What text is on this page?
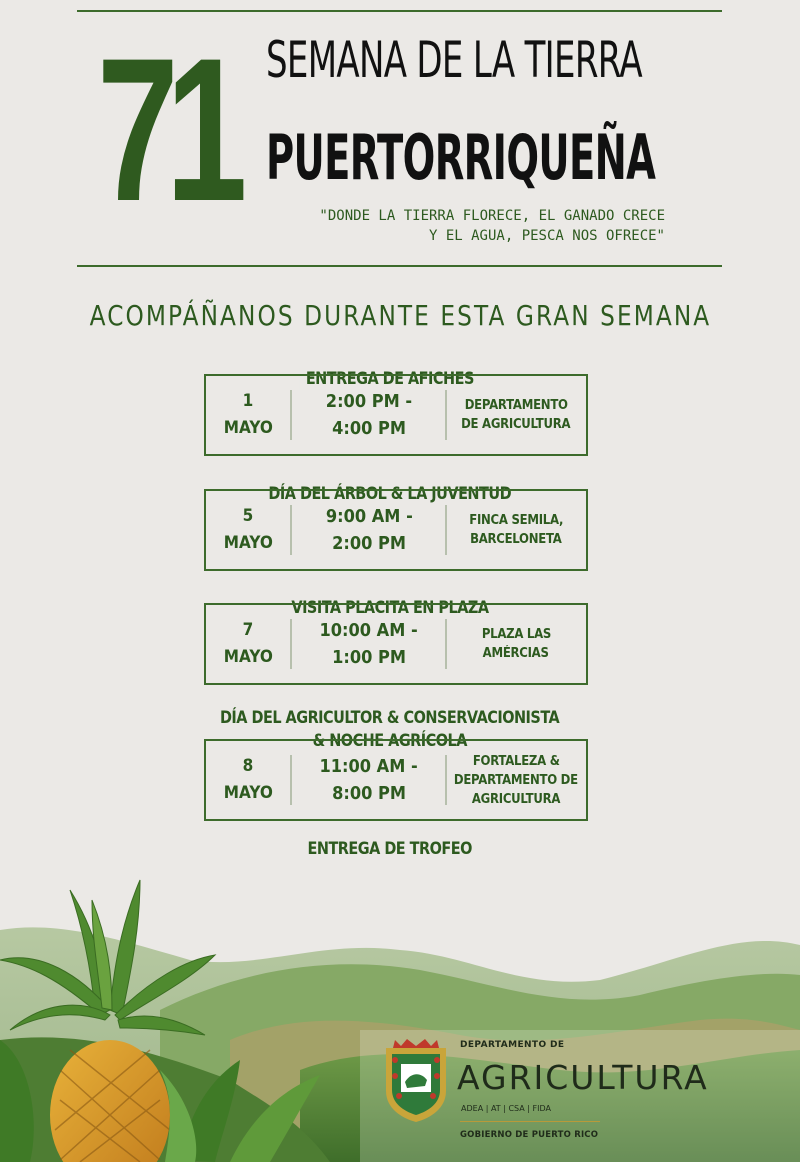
71 SEMANA DE LA TIERRA
PUERTORRIQUEÑA
"DONDE LA TIERRA FLORECE, EL GANADO CRECE
Y EL AGUA, PESCA NOS OFRECE"
ACOMPÁÑANOS DURANTE ESTA GRAN SEMANA
ENTREGA DE AFICHES
1
MAYO
2:00 PM -
4:00 PM
DEPARTAMENTO
DE AGRICULTURA
DÍA DEL ÁRBOL & LA JUVENTUD
5
MAYO
9:00 AM -
2:00 PM
FINCA SEMILA,
BARCELONETA
VISITA PLACITA EN PLAZA
7
MAYO
10:00 AM -
1:00 PM
PLAZA LAS
AMÉRCIAS
DÍA DEL AGRICULTOR & CONSERVACIONISTA
& NOCHE AGRÍCOLA
8
MAYO
11:00 AM -
8:00 PM
FORTALEZA &
DEPARTAMENTO DE
AGRICULTURA
ENTREGA DE TROFEO
DEPARTAMENTO DE
AGRICULTURA
ADEA | AT | CSA | FIDA
GOBIERNO DE PUERTO RICO
